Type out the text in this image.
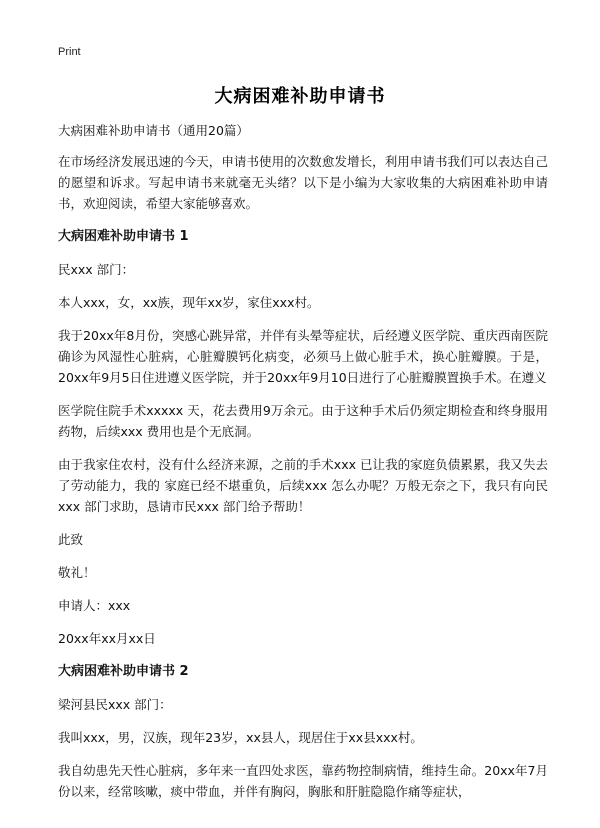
Print
大病困难补助申请书

大病困难补助申请书（通用20篇）

在市场经济发展迅速的今天，申请书使用的次数愈发增长，利用申请书我们可以表达自己的愿望和诉求。写起申请书来就毫无头绪？以下是小编为大家收集的大病困难补助申请书，欢迎阅读，希望大家能够喜欢。

大病困难补助申请书 1

民xxx 部门：

本人xxx，女，xx族，现年xx岁，家住xxx村。

我于20xx年8月份，突感心跳异常，并伴有头晕等症状，后经遵义医学院、重庆西南医院确诊为风湿性心脏病，心脏瓣膜钙化病变，必须马上做心脏手术，换心脏瓣膜。于是，20xx年9月5日住进遵义医学院，并于20xx年9月10日进行了心脏瓣膜置换手术。在遵义

医学院住院手术xxxxx 天，花去费用9万余元。由于这种手术后仍须定期检查和终身服用药物，后续xxx 费用也是个无底洞。

由于我家住农村，没有什么经济来源，之前的手术xxx 已让我的家庭负债累累，我又失去了劳动能力，我的 家庭已经不堪重负，后续xxx 怎么办呢？万般无奈之下，我只有向民xxx 部门求助，恳请市民xxx 部门给予帮助！

此致

敬礼！

申请人：xxx

20xx年xx月xx日

大病困难补助申请书 2

梁河县民xxx 部门：

我叫xxx，男，汉族，现年23岁，xx县人，现居住于xx县xxx村。

我自幼患先天性心脏病，多年来一直四处求医，靠药物控制病情，维持生命。20xx年7月份以来，经常咳嗽，痰中带血，并伴有胸闷，胸胀和肝脏隐隐作痛等症状，
